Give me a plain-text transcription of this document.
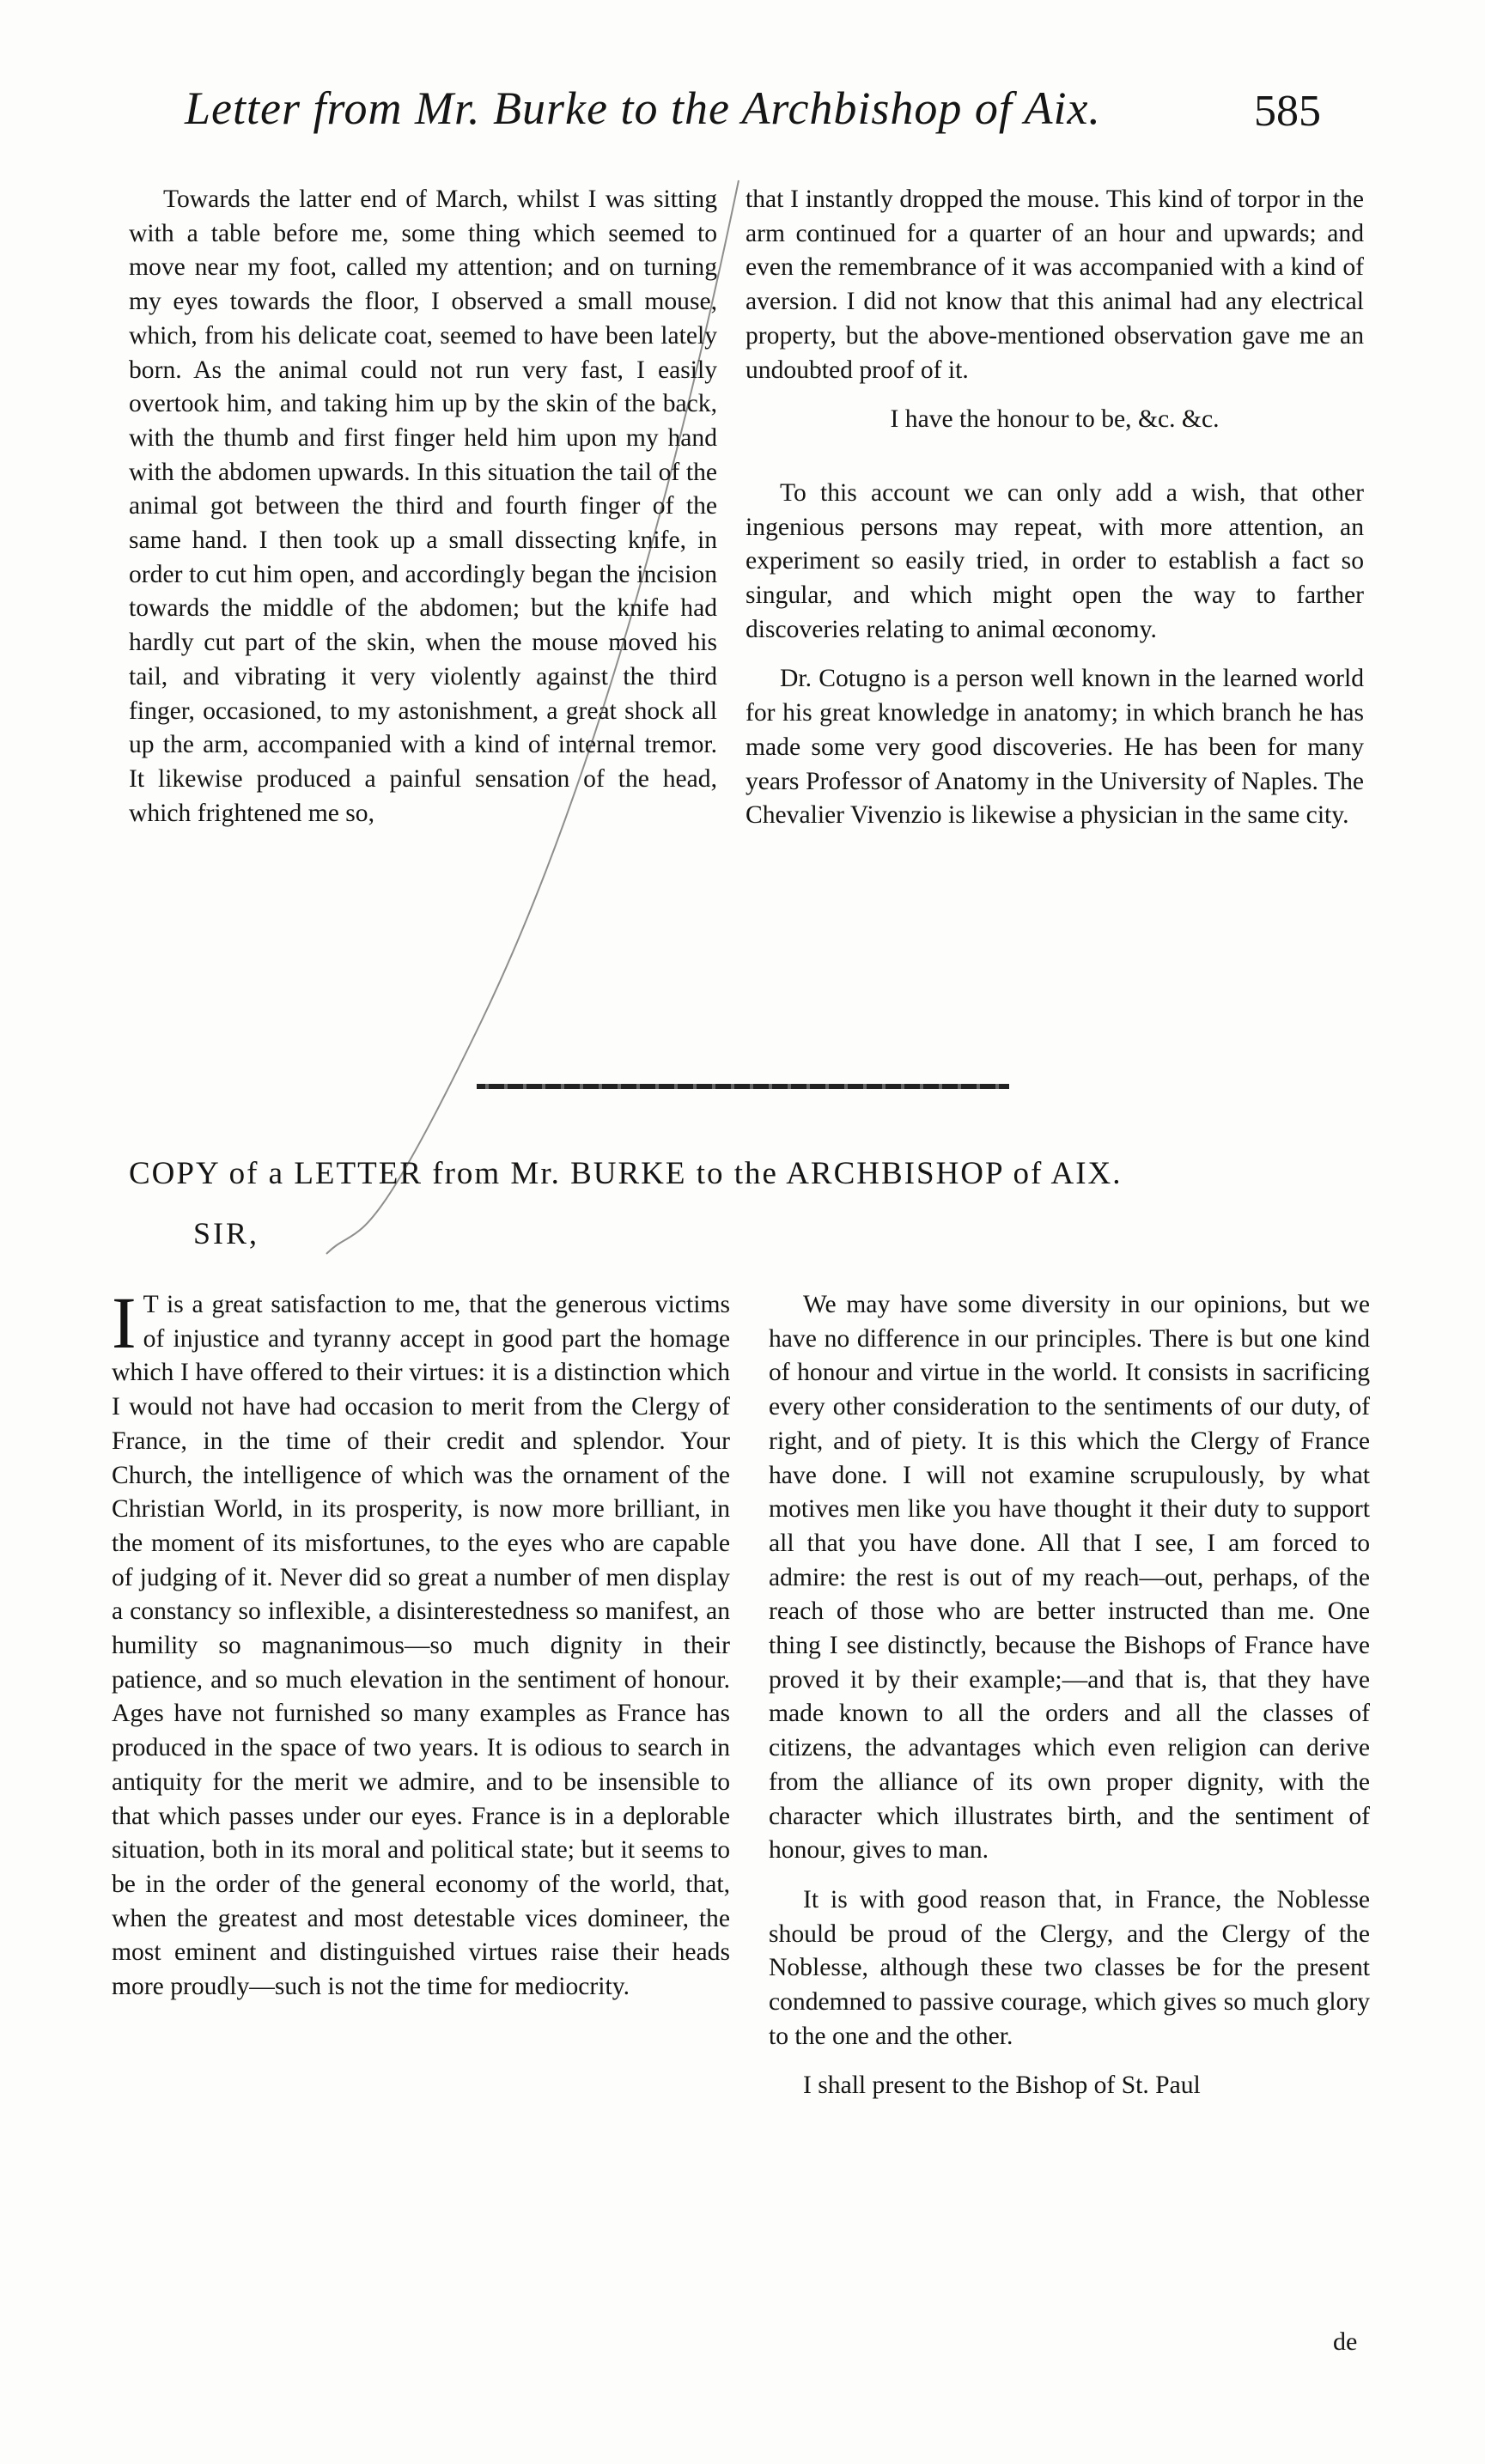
Letter from Mr. Burke to the Archbishop of Aix.	585

Towards the latter end of March, whilst I was sitting with a table before me, some thing which seemed to move near my foot, called my attention; and on turning my eyes towards the floor, I observed a small mouse, which, from his delicate coat, seemed to have been lately born. As the animal could not run very fast, I easily overtook him, and taking him up by the skin of the back, with the thumb and first finger held him upon my hand with the abdomen upwards. In this situation the tail of the animal got between the third and fourth finger of the same hand. I then took up a small dissecting knife, in order to cut him open, and accordingly began the incision towards the middle of the abdomen; but the knife had hardly cut part of the skin, when the mouse moved his tail, and vibrating it very violently against the third finger, occasioned, to my astonishment, a great shock all up the arm, accompanied with a kind of internal tremor. It likewise produced a painful sensation of the head, which frightened me so,

that I instantly dropped the mouse. This kind of torpor in the arm continued for a quarter of an hour and upwards; and even the remembrance of it was accompanied with a kind of aversion. I did not know that this animal had any electrical property, but the above-mentioned observation gave me an undoubted proof of it.

I have the honour to be, &c. &c.

To this account we can only add a wish, that other ingenious persons may repeat, with more attention, an experiment so easily tried, in order to establish a fact so singular, and which might open the way to farther discoveries relating to animal œconomy.

Dr. Cotugno is a person well known in the learned world for his great knowledge in anatomy; in which branch he has made some very good discoveries. He has been for many years Professor of Anatomy in the University of Naples. The Chevalier Vivenzio is likewise a physician in the same city.

COPY of a LETTER from Mr. BURKE to the ARCHBISHOP of AIX.
SIR,

I T is a great satisfaction to me, that the generous victims of injustice and tyranny accept in good part the homage which I have offered to their virtues: it is a distinction which I would not have had occasion to merit from the Clergy of France, in the time of their credit and splendor. Your Church, the intelligence of which was the ornament of the Christian World, in its prosperity, is now more brilliant, in the moment of its misfortunes, to the eyes who are capable of judging of it. Never did so great a number of men display a constancy so inflexible, a disinterestedness so manifest, an humility so magnanimous—so much dignity in their patience, and so much elevation in the sentiment of honour. Ages have not furnished so many examples as France has produced in the space of two years. It is odious to search in antiquity for the merit we admire, and to be insensible to that which passes under our eyes. France is in a deplorable situation, both in its moral and political state; but it seems to be in the order of the general economy of the world, that, when the greatest and most detestable vices domineer, the most eminent and distinguished virtues raise their heads more proudly—such is not the time for mediocrity.

We may have some diversity in our opinions, but we have no difference in our principles. There is but one kind of honour and virtue in the world. It consists in sacrificing every other consideration to the sentiments of our duty, of right, and of piety. It is this which the Clergy of France have done. I will not examine scrupulously, by what motives men like you have thought it their duty to support all that you have done. All that I see, I am forced to admire: the rest is out of my reach—out, perhaps, of the reach of those who are better instructed than me. One thing I see distinctly, because the Bishops of France have proved it by their example;—and that is, that they have made known to all the orders and all the classes of citizens, the advantages which even religion can derive from the alliance of its own proper dignity, with the character which illustrates birth, and the sentiment of honour, gives to man.

It is with good reason that, in France, the Noblesse should be proud of the Clergy, and the Clergy of the Noblesse, although these two classes be for the present condemned to passive courage, which gives so much glory to the one and the other.

I shall present to the Bishop of St. Paul

de
